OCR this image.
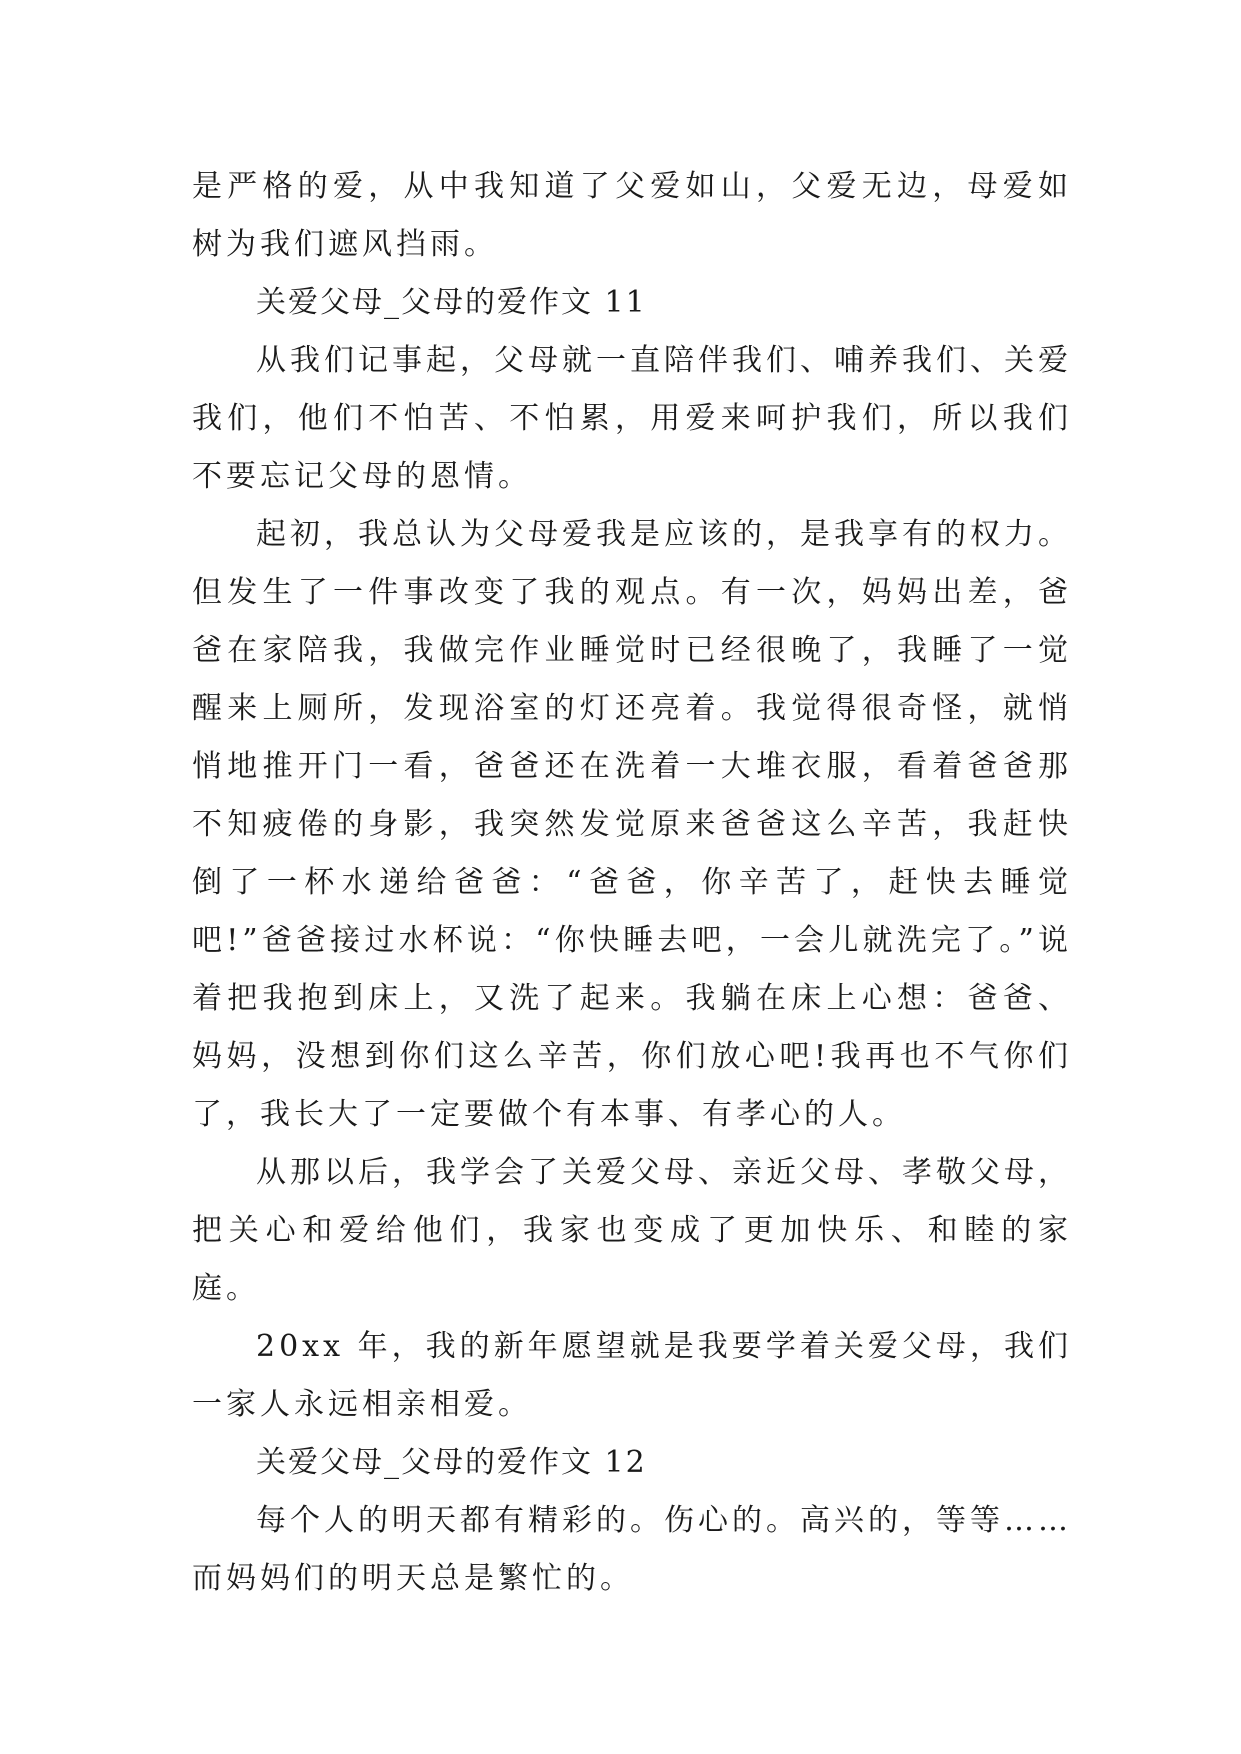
是严格的爱，从中我知道了父爱如山，父爱无边，母爱如树为我们遮风挡雨。

关爱父母_父母的爱作文 11

从我们记事起，父母就一直陪伴我们、哺养我们、关爱我们，他们不怕苦、不怕累，用爱来呵护我们，所以我们不要忘记父母的恩情。

起初，我总认为父母爱我是应该的，是我享有的权力。但发生了一件事改变了我的观点。有一次，妈妈出差，爸爸在家陪我，我做完作业睡觉时已经很晚了，我睡了一觉醒来上厕所，发现浴室的灯还亮着。我觉得很奇怪，就悄悄地推开门一看，爸爸还在洗着一大堆衣服，看着爸爸那不知疲倦的身影，我突然发觉原来爸爸这么辛苦，我赶快倒了一杯水递给爸爸：“爸爸，你辛苦了，赶快去睡觉吧!”爸爸接过水杯说：“你快睡去吧，一会儿就洗完了。”说着把我抱到床上，又洗了起来。我躺在床上心想：爸爸、妈妈，没想到你们这么辛苦，你们放心吧!我再也不气你们了，我长大了一定要做个有本事、有孝心的人。

从那以后，我学会了关爱父母、亲近父母、孝敬父母，把关心和爱给他们，我家也变成了更加快乐、和睦的家庭。

20xx 年，我的新年愿望就是我要学着关爱父母，我们一家人永远相亲相爱。

关爱父母_父母的爱作文 12

每个人的明天都有精彩的。伤心的。高兴的，等等……而妈妈们的明天总是繁忙的。
